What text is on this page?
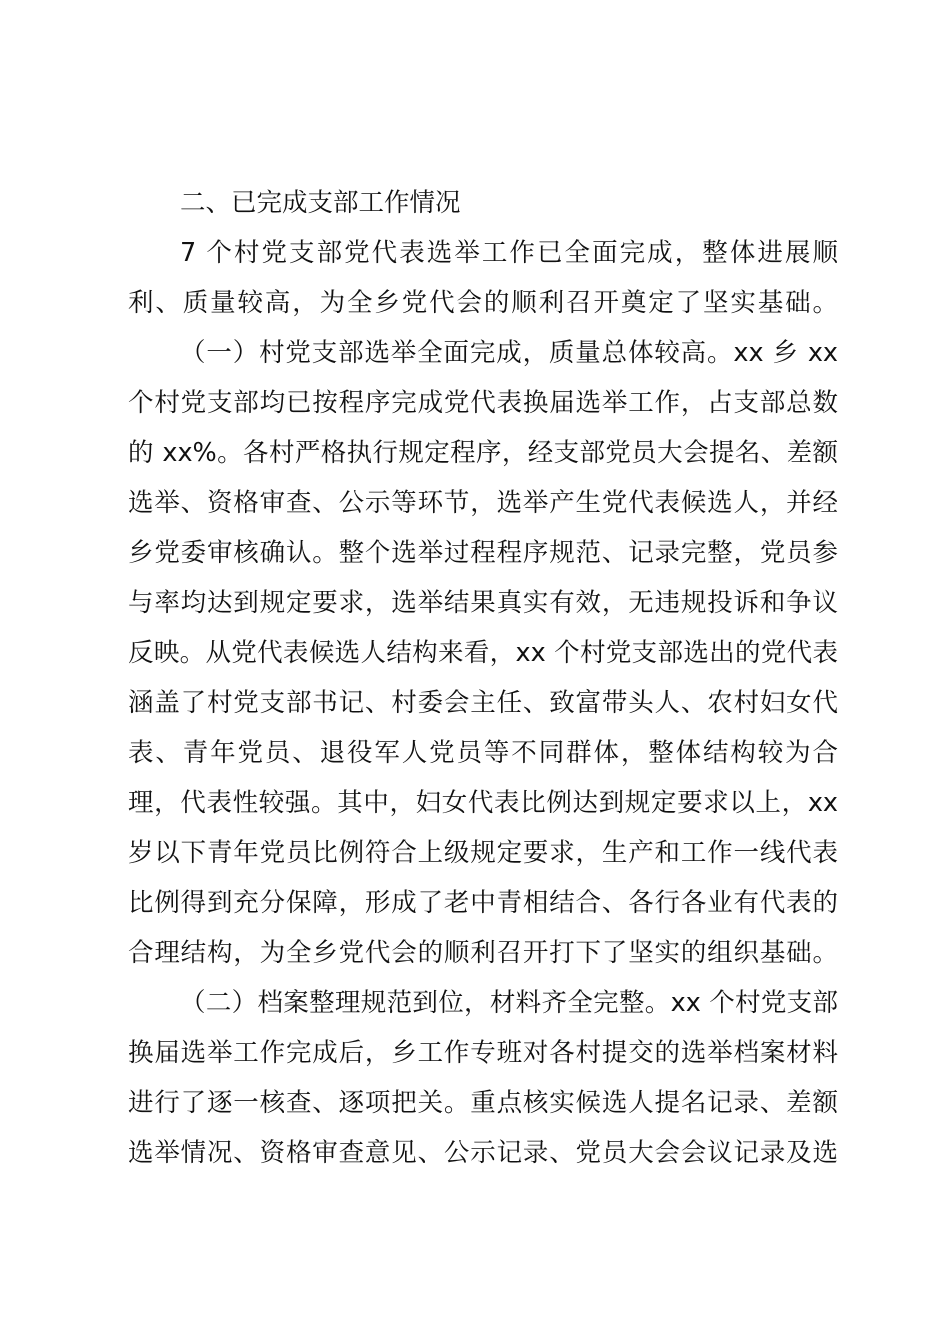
二、已完成支部工作情况
7 个村党支部党代表选举工作已全面完成，整体进展顺
利、质量较高，为全乡党代会的顺利召开奠定了坚实基础。
（一）村党支部选举全面完成，质量总体较高。xx 乡 xx
个村党支部均已按程序完成党代表换届选举工作，占支部总数
的 xx%。各村严格执行规定程序，经支部党员大会提名、差额
选举、资格审查、公示等环节，选举产生党代表候选人，并经
乡党委审核确认。整个选举过程程序规范、记录完整，党员参
与率均达到规定要求，选举结果真实有效，无违规投诉和争议
反映。从党代表候选人结构来看，xx 个村党支部选出的党代表
涵盖了村党支部书记、村委会主任、致富带头人、农村妇女代
表、青年党员、退役军人党员等不同群体，整体结构较为合
理，代表性较强。其中，妇女代表比例达到规定要求以上，xx
岁以下青年党员比例符合上级规定要求，生产和工作一线代表
比例得到充分保障，形成了老中青相结合、各行各业有代表的
合理结构，为全乡党代会的顺利召开打下了坚实的组织基础。
（二）档案整理规范到位，材料齐全完整。xx 个村党支部
换届选举工作完成后，乡工作专班对各村提交的选举档案材料
进行了逐一核查、逐项把关。重点核实候选人提名记录、差额
选举情况、资格审查意见、公示记录、党员大会会议记录及选
